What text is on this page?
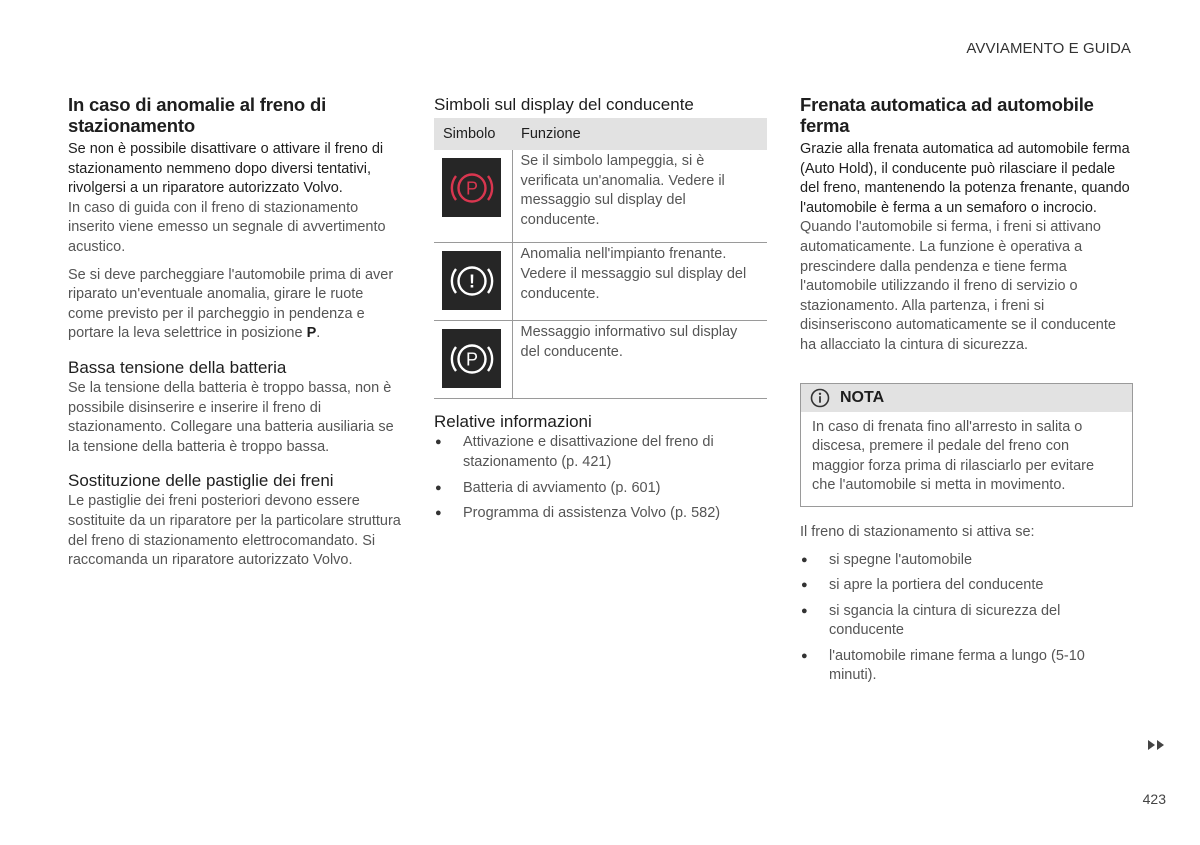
AVVIAMENTO E GUIDA
In caso di anomalie al freno di stazionamento

Se non è possibile disattivare o attivare il freno di stazionamento nemmeno dopo diversi tentativi, rivolgersi a un riparatore autorizzato Volvo.

In caso di guida con il freno di stazionamento inserito viene emesso un segnale di avvertimento acustico.

Se si deve parcheggiare l'automobile prima di aver riparato un'eventuale anomalia, girare le ruote come previsto per il parcheggio in pendenza e portare la leva selettrice in posizione P.

Bassa tensione della batteria

Se la tensione della batteria è troppo bassa, non è possibile disinserire e inserire il freno di stazionamento. Collegare una batteria ausiliaria se la tensione della batteria è troppo bassa.

Sostituzione delle pastiglie dei freni

Le pastiglie dei freni posteriori devono essere sostituite da un riparatore per la particolare struttura del freno di stazionamento elettrocomandato. Si raccomanda un riparatore autorizzato Volvo.

Simboli sul display del conducente
Simbolo	Funzione

P	Se il simbolo lampeggia, si è verificata un'anomalia. Vedere il messaggio sul display del conducente.

!	Anomalia nell'impianto frenante. Vedere il messaggio sul display del conducente.

P	Messaggio informativo sul display del conducente.
Relative informazioni
● Attivazione e disattivazione del freno di stazionamento (p. 421)
● Batteria di avviamento (p. 601)
● Programma di assistenza Volvo (p. 582)
Frenata automatica ad automobile ferma

Grazie alla frenata automatica ad automobile ferma (Auto Hold), il conducente può rilasciare il pedale del freno, mantenendo la potenza frenante, quando l'automobile è ferma a un semaforo o incrocio.

Quando l'automobile si ferma, i freni si attivano automaticamente. La funzione è operativa a prescindere dalla pendenza e tiene ferma l'automobile utilizzando il freno di servizio o stazionamento. Alla partenza, i freni si disinseriscono automaticamente se il conducente ha allacciato la cintura di sicurezza.

NOTA
In caso di frenata fino all'arresto in salita o discesa, premere il pedale del freno con maggior forza prima di rilasciarlo per evitare che l'automobile si metta in movimento.

Il freno di stazionamento si attiva se:

● si spegne l'automobile
● si apre la portiera del conducente
● si sgancia la cintura di sicurezza del conducente
● l'automobile rimane ferma a lungo (5-10 minuti).
423
